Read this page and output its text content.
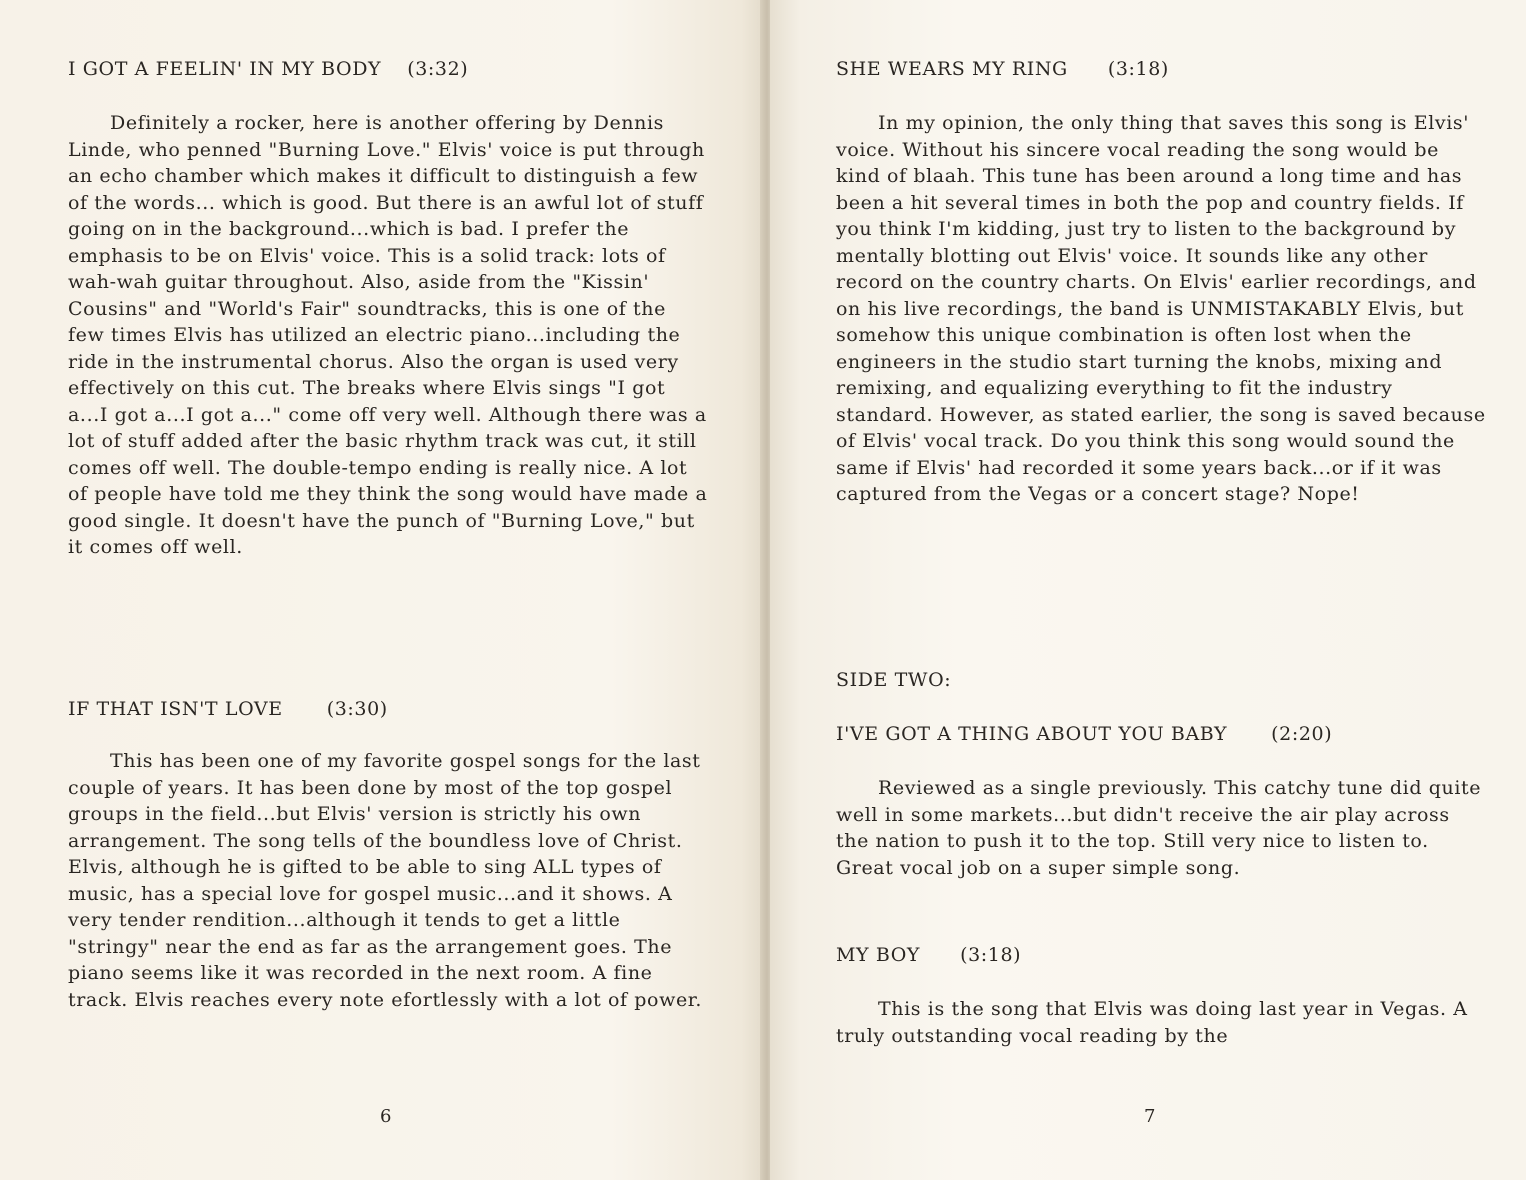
I GOT A FEELIN' IN MY BODY (3:32)

Definitely a rocker, here is another offering by Dennis Linde, who penned "Burning Love." Elvis' voice is put through an echo chamber which makes it difficult to distinguish a few of the words... which is good. But there is an awful lot of stuff going on in the background...which is bad. I prefer the emphasis to be on Elvis' voice. This is a solid track: lots of wah-wah guitar throughout. Also, aside from the "Kissin' Cousins" and "World's Fair" soundtracks, this is one of the few times Elvis has utilized an electric piano...including the ride in the instrumental chorus. Also the organ is used very effectively on this cut. The breaks where Elvis sings "I got a...I got a...I got a..." come off very well. Although there was a lot of stuff added after the basic rhythm track was cut, it still comes off well. The double-tempo ending is really nice. A lot of people have told me they think the song would have made a good single. It doesn't have the punch of "Burning Love," but it comes off well.

IF THAT ISN'T LOVE (3:30)

This has been one of my favorite gospel songs for the last couple of years. It has been done by most of the top gospel groups in the field...but Elvis' version is strictly his own arrangement. The song tells of the boundless love of Christ. Elvis, although he is gifted to be able to sing ALL types of music, has a special love for gospel music...and it shows. A very tender rendition...although it tends to get a little "stringy" near the end as far as the arrangement goes. The piano seems like it was recorded in the next room. A fine track. Elvis reaches every note efortlessly with a lot of power.

6
SHE WEARS MY RING (3:18)

In my opinion, the only thing that saves this song is Elvis' voice. Without his sincere vocal reading the song would be kind of blaah. This tune has been around a long time and has been a hit several times in both the pop and country fields. If you think I'm kidding, just try to listen to the background by mentally blotting out Elvis' voice. It sounds like any other record on the country charts. On Elvis' earlier recordings, and on his live recordings, the band is UNMISTAKABLY Elvis, but somehow this unique combination is often lost when the engineers in the studio start turning the knobs, mixing and remixing, and equalizing everything to fit the industry standard. However, as stated earlier, the song is saved because of Elvis' vocal track. Do you think this song would sound the same if Elvis' had recorded it some years back...or if it was captured from the Vegas or a concert stage? Nope!

SIDE TWO:
I'VE GOT A THING ABOUT YOU BABY (2:20)

Reviewed as a single previously. This catchy tune did quite well in some markets...but didn't receive the air play across the nation to push it to the top. Still very nice to listen to. Great vocal job on a super simple song.

MY BOY (3:18)

This is the song that Elvis was doing last year in Vegas. A truly outstanding vocal reading by the

7
